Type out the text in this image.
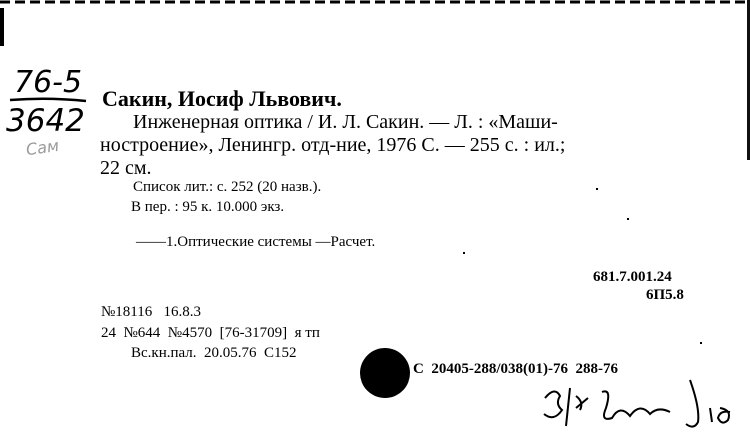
76-5
3642
Сам
Сакин, Иосиф Львович.
Инженерная оптика / И. Л. Сакин. — Л. : «Маши-
ностроение», Ленингр. отд-ние, 1976 С. — 255 с. : ил.;
22 см.
Список лит.: с. 252 (20 назв.).
В пер. : 95 к. 10.000 экз.
——1.Оптические системы —Расчет.
681.7.001.24
6П5.8
№18116   16.8.3
24  №644  №4570  [76-31709]  я тп
Вс.кн.пал.  20.05.76  С152
С  20405-288/038(01)-76  288-76
